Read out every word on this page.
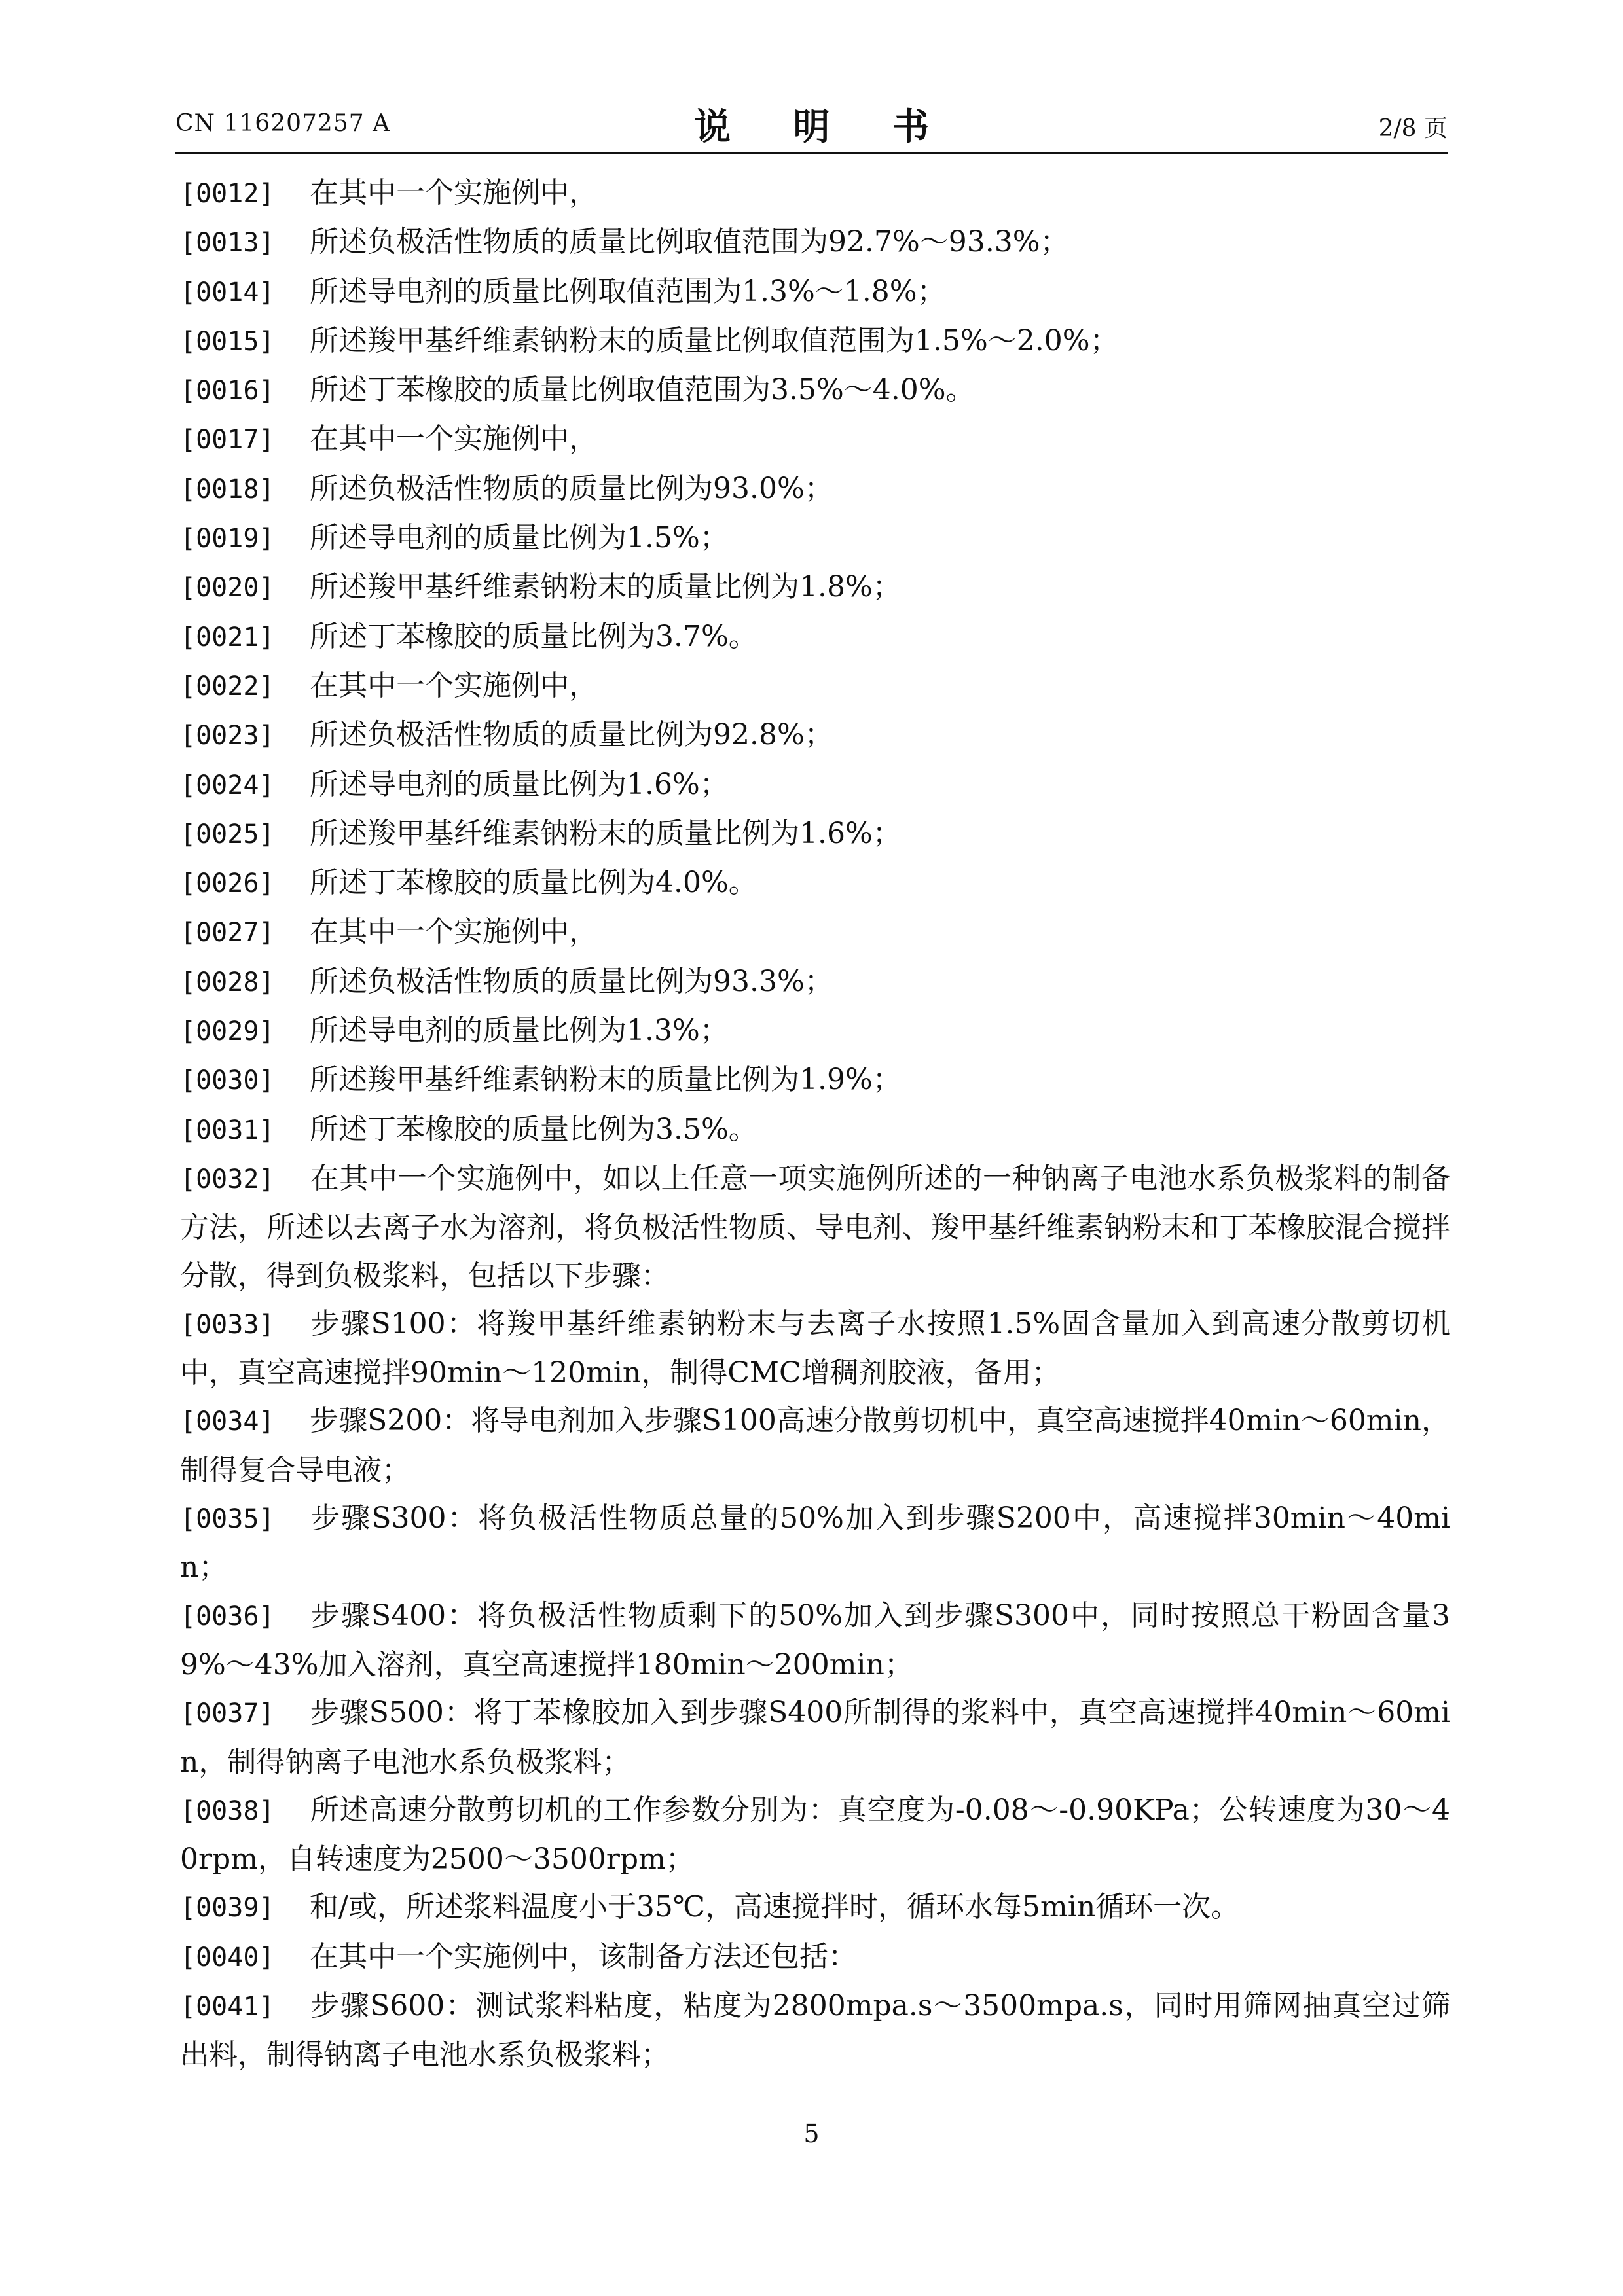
CN 116207257 A	说 明 书	2/8 页

[0012] 在其中一个实施例中，

[0013] 所述负极活性物质的质量比例取值范围为92.7%～93.3%；

[0014] 所述导电剂的质量比例取值范围为1.3%～1.8%；

[0015] 所述羧甲基纤维素钠粉末的质量比例取值范围为1.5%～2.0%；

[0016] 所述丁苯橡胶的质量比例取值范围为3.5%～4.0%。

[0017] 在其中一个实施例中，

[0018] 所述负极活性物质的质量比例为93.0%；

[0019] 所述导电剂的质量比例为1.5%；

[0020] 所述羧甲基纤维素钠粉末的质量比例为1.8%；

[0021] 所述丁苯橡胶的质量比例为3.7%。

[0022] 在其中一个实施例中，

[0023] 所述负极活性物质的质量比例为92.8%；

[0024] 所述导电剂的质量比例为1.6%；

[0025] 所述羧甲基纤维素钠粉末的质量比例为1.6%；

[0026] 所述丁苯橡胶的质量比例为4.0%。

[0027] 在其中一个实施例中，

[0028] 所述负极活性物质的质量比例为93.3%；

[0029] 所述导电剂的质量比例为1.3%；

[0030] 所述羧甲基纤维素钠粉末的质量比例为1.9%；

[0031] 所述丁苯橡胶的质量比例为3.5%。

[0032] 在其中一个实施例中，如以上任意一项实施例所述的一种钠离子电池水系负极浆料的制备方法，所述以去离子水为溶剂，将负极活性物质、导电剂、羧甲基纤维素钠粉末和丁苯橡胶混合搅拌分散，得到负极浆料，包括以下步骤：

[0033] 步骤S100：将羧甲基纤维素钠粉末与去离子水按照1.5%固含量加入到高速分散剪切机中，真空高速搅拌90min～120min，制得CMC增稠剂胶液，备用；

[0034] 步骤S200：将导电剂加入步骤S100高速分散剪切机中，真空高速搅拌40min～60min，制得复合导电液；

[0035] 步骤S300：将负极活性物质总量的50%加入到步骤S200中，高速搅拌30min～40min；

[0036] 步骤S400：将负极活性物质剩下的50%加入到步骤S300中，同时按照总干粉固含量39%～43%加入溶剂，真空高速搅拌180min～200min；

[0037] 步骤S500：将丁苯橡胶加入到步骤S400所制得的浆料中，真空高速搅拌40min～60min，制得钠离子电池水系负极浆料；

[0038] 所述高速分散剪切机的工作参数分别为：真空度为-0.08～-0.90KPa；公转速度为30～40rpm，自转速度为2500～3500rpm；

[0039] 和/或，所述浆料温度小于35℃，高速搅拌时，循环水每5min循环一次。

[0040] 在其中一个实施例中，该制备方法还包括：

[0041] 步骤S600：测试浆料粘度，粘度为2800mpa.s～3500mpa.s，同时用筛网抽真空过筛出料，制得钠离子电池水系负极浆料；

5
